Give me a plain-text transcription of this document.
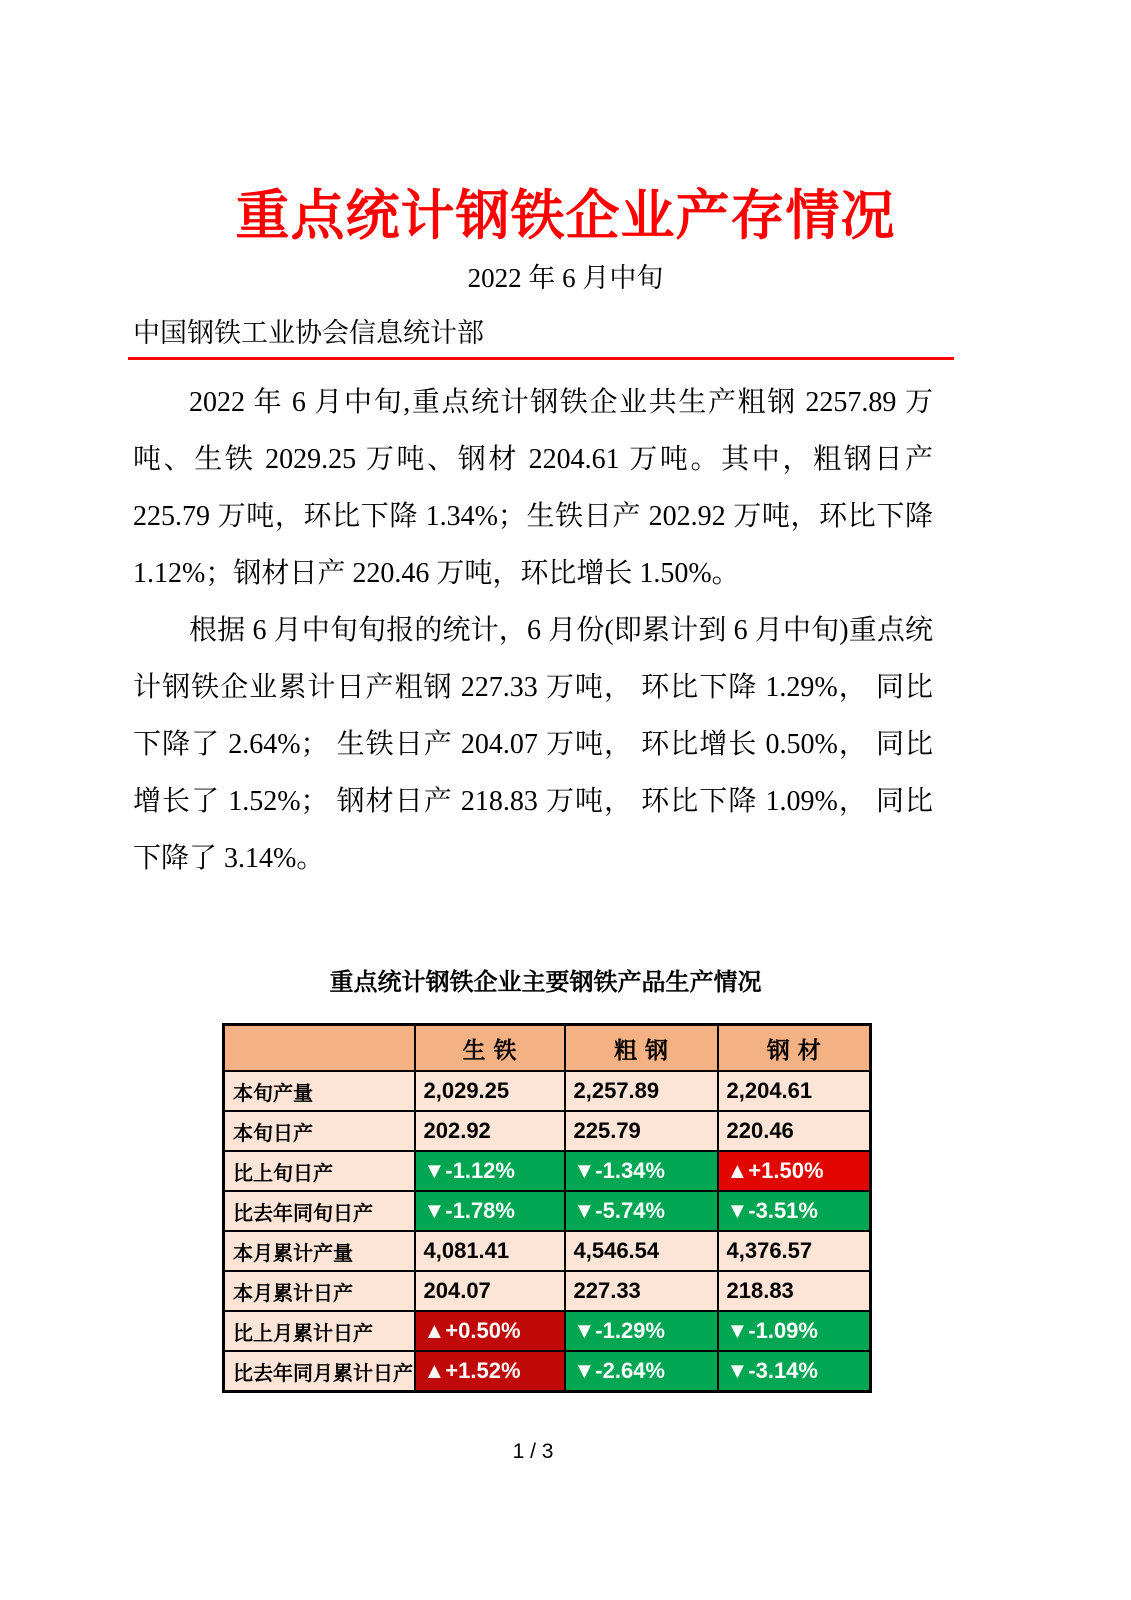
重点统计钢铁企业产存情况
2022 年 6 月中旬
中国钢铁工业协会信息统计部

2022 年 6 月中旬,重点统计钢铁企业共生产粗钢 2257.89 万吨、生铁 2029.25 万吨、钢材 2204.61 万吨。其中，粗钢日产 225.79 万吨，环比下降 1.34%；生铁日产 202.92 万吨，环比下降 1.12%；钢材日产 220.46 万吨，环比增长 1.50%。

根据 6 月中旬旬报的统计，6 月份(即累计到 6 月中旬)重点统计钢铁企业累计日产粗钢 227.33 万吨， 环比下降 1.29%， 同比下降了 2.64%； 生铁日产 204.07 万吨， 环比增长 0.50%， 同比增长了 1.52%； 钢材日产 218.83 万吨， 环比下降 1.09%， 同比下降了 3.14%。

重点统计钢铁企业主要钢铁产品生产情况
	生铁	粗钢	钢材
本旬产量	2,029.25	2,257.89	2,204.61
本旬日产	202.92	225.79	220.46
比上旬日产	▼-1.12%	▼-1.34%	▲+1.50%
比去年同旬日产	▼-1.78%	▼-5.74%	▼-3.51%
本月累计产量	4,081.41	4,546.54	4,376.57
本月累计日产	204.07	227.33	218.83
比上月累计日产	▲+0.50%	▼-1.29%	▼-1.09%
比去年同月累计日产	▲+1.52%	▼-2.64%	▼-3.14%
1 / 3
